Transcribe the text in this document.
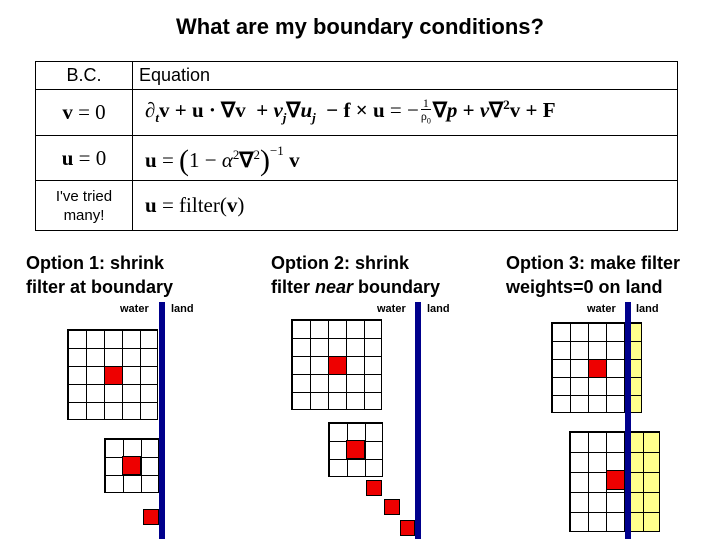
What are my boundary conditions?
B.C.	Equation
v = 0	$\partial_tv + u \cdot \nabla v + v_j\nabla u_j - f \times u$ = − $\frac{1}{\rho_0} \nabla p + \nu\nabla^2v + F$
u = 0	$u = (1 - \alpha^2\nabla^2)^{-1}$ v
I've tried
many!	u = filter(v)
Option 1: shrink
filter at boundary
Option 2: shrink
filter near boundary
Option 3: make filter
weights=0 on land
water land	water land	water land
